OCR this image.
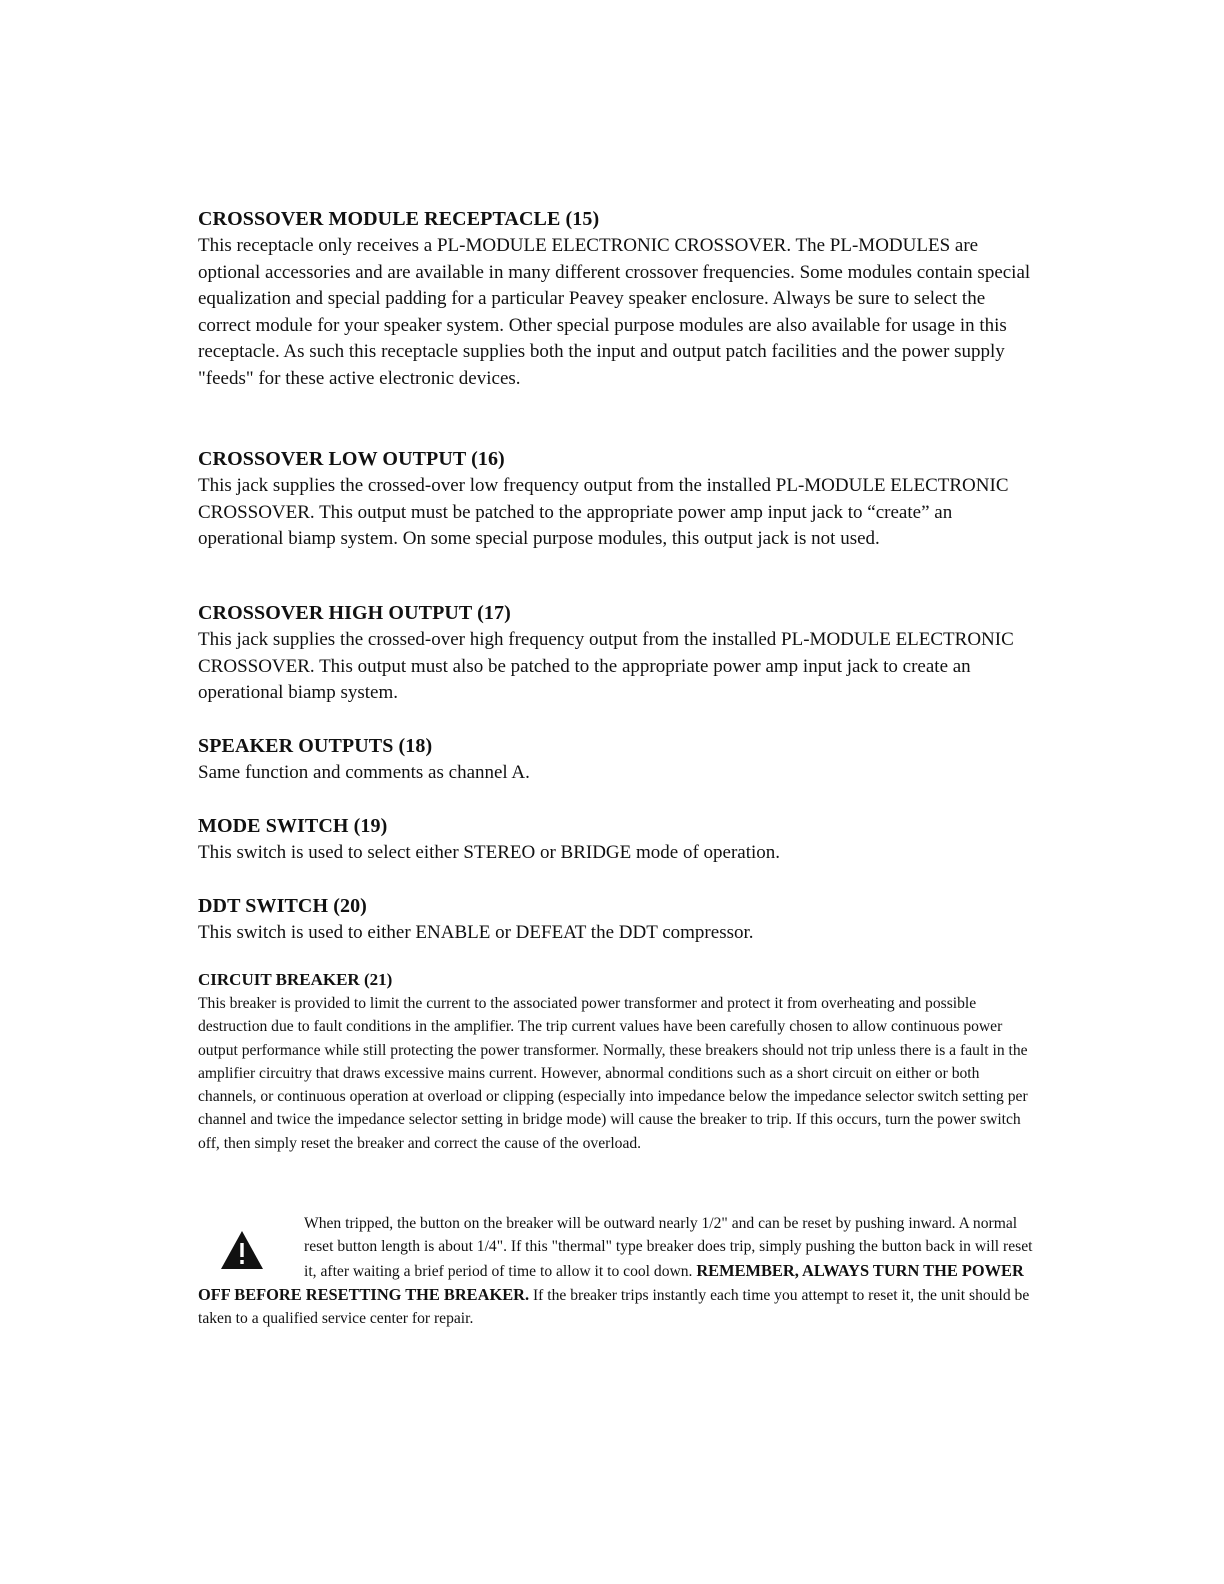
CROSSOVER MODULE RECEPTACLE (15)

This receptacle only receives a PL-MODULE ELECTRONIC CROSSOVER. The PL-MODULES are optional accessories and are available in many different crossover frequencies. Some modules contain special equalization and special padding for a particular Peavey speaker enclosure. Always be sure to select the correct module for your speaker system. Other special purpose modules are also available for usage in this receptacle. As such this receptacle supplies both the input and output patch facilities and the power supply "feeds" for these active electronic devices.

CROSSOVER LOW OUTPUT (16)

This jack supplies the crossed-over low frequency output from the installed PL-MODULE ELECTRONIC CROSSOVER. This output must be patched to the appropriate power amp input jack to “create” an operational biamp system. On some special purpose modules, this output jack is not used.

CROSSOVER HIGH OUTPUT (17)

This jack supplies the crossed-over high frequency output from the installed PL-MODULE ELECTRONIC CROSSOVER. This output must also be patched to the appropriate power amp input jack to create an operational biamp system.

SPEAKER OUTPUTS (18)

Same function and comments as channel A.

MODE SWITCH (19)

This switch is used to select either STEREO or BRIDGE mode of operation.

DDT SWITCH (20)

This switch is used to either ENABLE or DEFEAT the DDT compressor.

CIRCUIT BREAKER (21)

This breaker is provided to limit the current to the associated power transformer and protect it from overheating and possible destruction due to fault conditions in the amplifier. The trip current values have been carefully chosen to allow continuous power output performance while still protecting the power transformer. Normally, these breakers should not trip unless there is a fault in the amplifier circuitry that draws excessive mains current. However, abnormal conditions such as a short circuit on either or both channels, or continuous operation at overload or clipping (especially into impedance below the impedance selector switch setting per channel and twice the impedance selector setting in bridge mode) will cause the breaker to trip. If this occurs, turn the power switch off, then simply reset the breaker and correct the cause of the overload.

When tripped, the button on the breaker will be outward nearly 1/2" and can be reset by pushing inward. A normal reset button length is about 1/4". If this "thermal" type breaker does trip, simply pushing the button back in will reset it, after waiting a brief period of time to allow it to cool down. REMEMBER, ALWAYS TURN THE POWER OFF BEFORE RESETTING THE BREAKER. If the breaker trips instantly each time you attempt to reset it, the unit should be taken to a qualified service center for repair.
